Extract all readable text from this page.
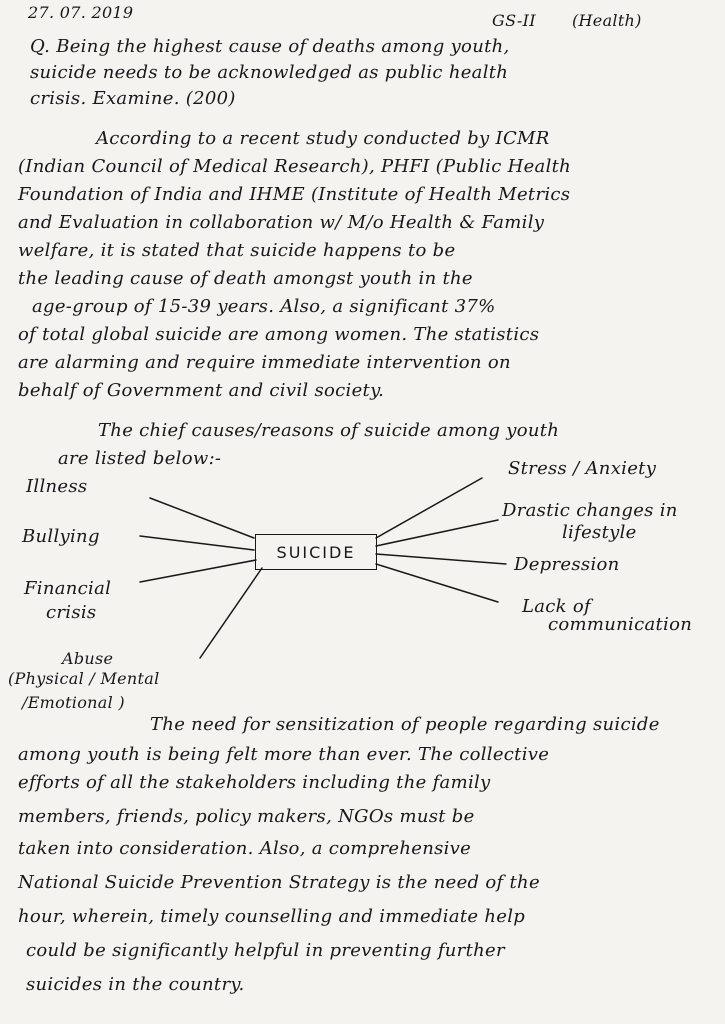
27. 07. 2019	GS-II (Health)
Q. Being the highest cause of deaths among youth,
suicide needs to be acknowledged as public health
crisis. Examine. (200)
According to a recent study conducted by ICMR
(Indian Council of Medical Research), PHFI (Public Health
Foundation of India and IHME (Institute of Health Metrics
and Evaluation in collaboration w/ M/o Health & Family
welfare, it is stated that suicide happens to be
the leading cause of death amongst youth in the
age-group of 15-39 years. Also, a significant 37%
of total global suicide are among women. The statistics
are alarming and require immediate intervention on
behalf of Government and civil society.
The chief causes/reasons of suicide among youth
are listed below:-
SUICIDE
Illness
Bullying
Financial
crisis
Abuse
(Physical / Mental
/Emotional )
Stress / Anxiety
Drastic changes in
lifestyle
Depression
Lack of
communication
The need for sensitization of people regarding suicide
among youth is being felt more than ever. The collective
efforts of all the stakeholders including the family
members, friends, policy makers, NGOs must be
taken into consideration. Also, a comprehensive
National Suicide Prevention Strategy is the need of the
hour, wherein, timely counselling and immediate help
could be significantly helpful in preventing further
suicides in the country.
